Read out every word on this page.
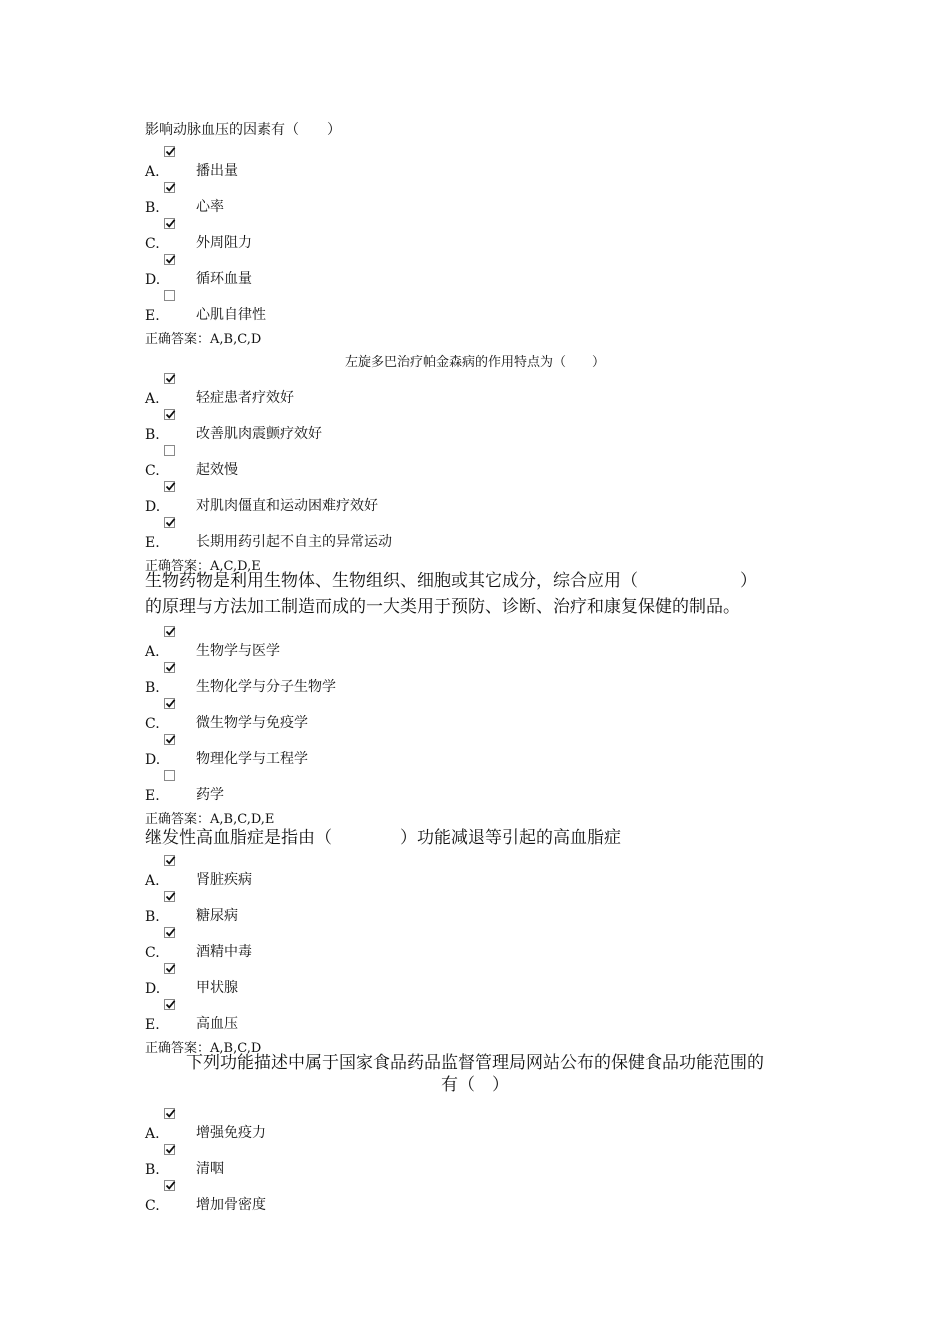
影响动脉血压的因素有（　　）
A.	播出量
B.	心率
C.	外周阻力
D.	循环血量
E.	心肌自律性
正确答案：A,B,C,D
左旋多巴治疗帕金森病的作用特点为（　　）
A.	轻症患者疗效好
B.	改善肌肉震颤疗效好
C.	起效慢
D.	对肌肉僵直和运动困难疗效好
E.	长期用药引起不自主的异常运动
正确答案：A,C,D,E
生物药物是利用生物体、生物组织、细胞或其它成分，综合应用（　　　　　　）
的原理与方法加工制造而成的一大类用于预防、诊断、治疗和康复保健的制品。
A.	生物学与医学
B.	生物化学与分子生物学
C.	微生物学与免疫学
D.	物理化学与工程学
E.	药学
正确答案：A,B,C,D,E
继发性高血脂症是指由（　　　　）功能减退等引起的高血脂症
A.	肾脏疾病
B.	糖尿病
C.	酒精中毒
D.	甲状腺
E.	高血压
正确答案：A,B,C,D
下列功能描述中属于国家食品药品监督管理局网站公布的保健食品功能范围的
有（　）
A.	增强免疫力
B.	清咽
C.	增加骨密度
